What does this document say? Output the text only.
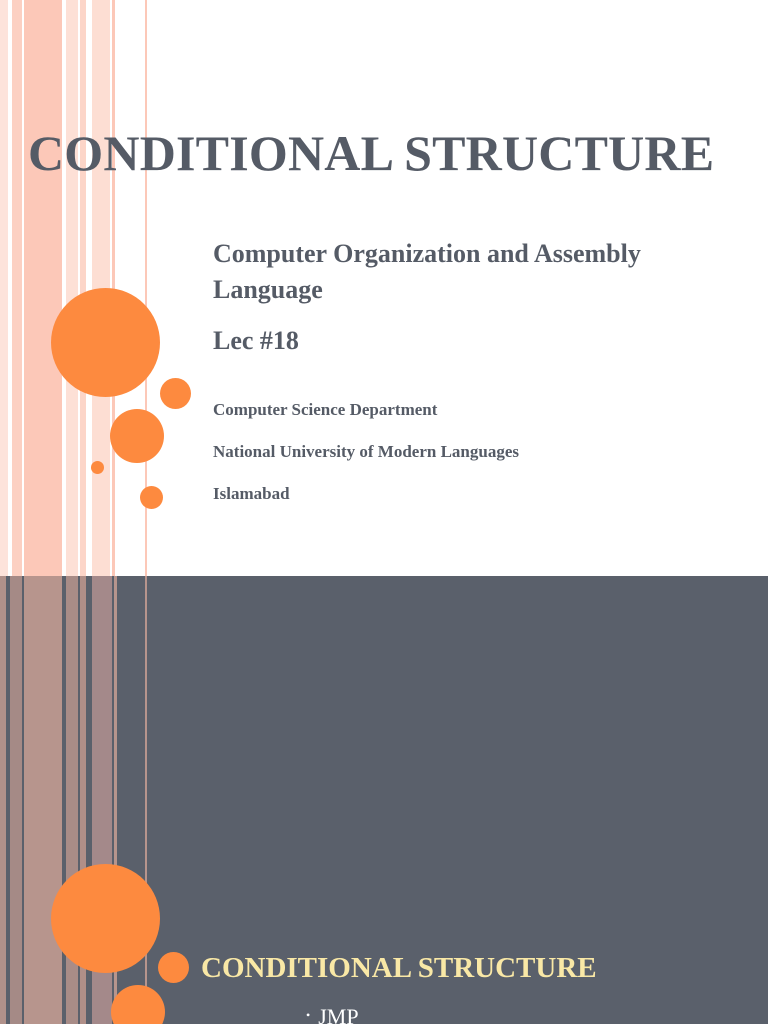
CONDITIONAL STRUCTURE

Computer Organization and Assembly Language

Lec #18

Computer Science Department

National University of Modern Languages

Islamabad

CONDITIONAL STRUCTURE
• JMP
